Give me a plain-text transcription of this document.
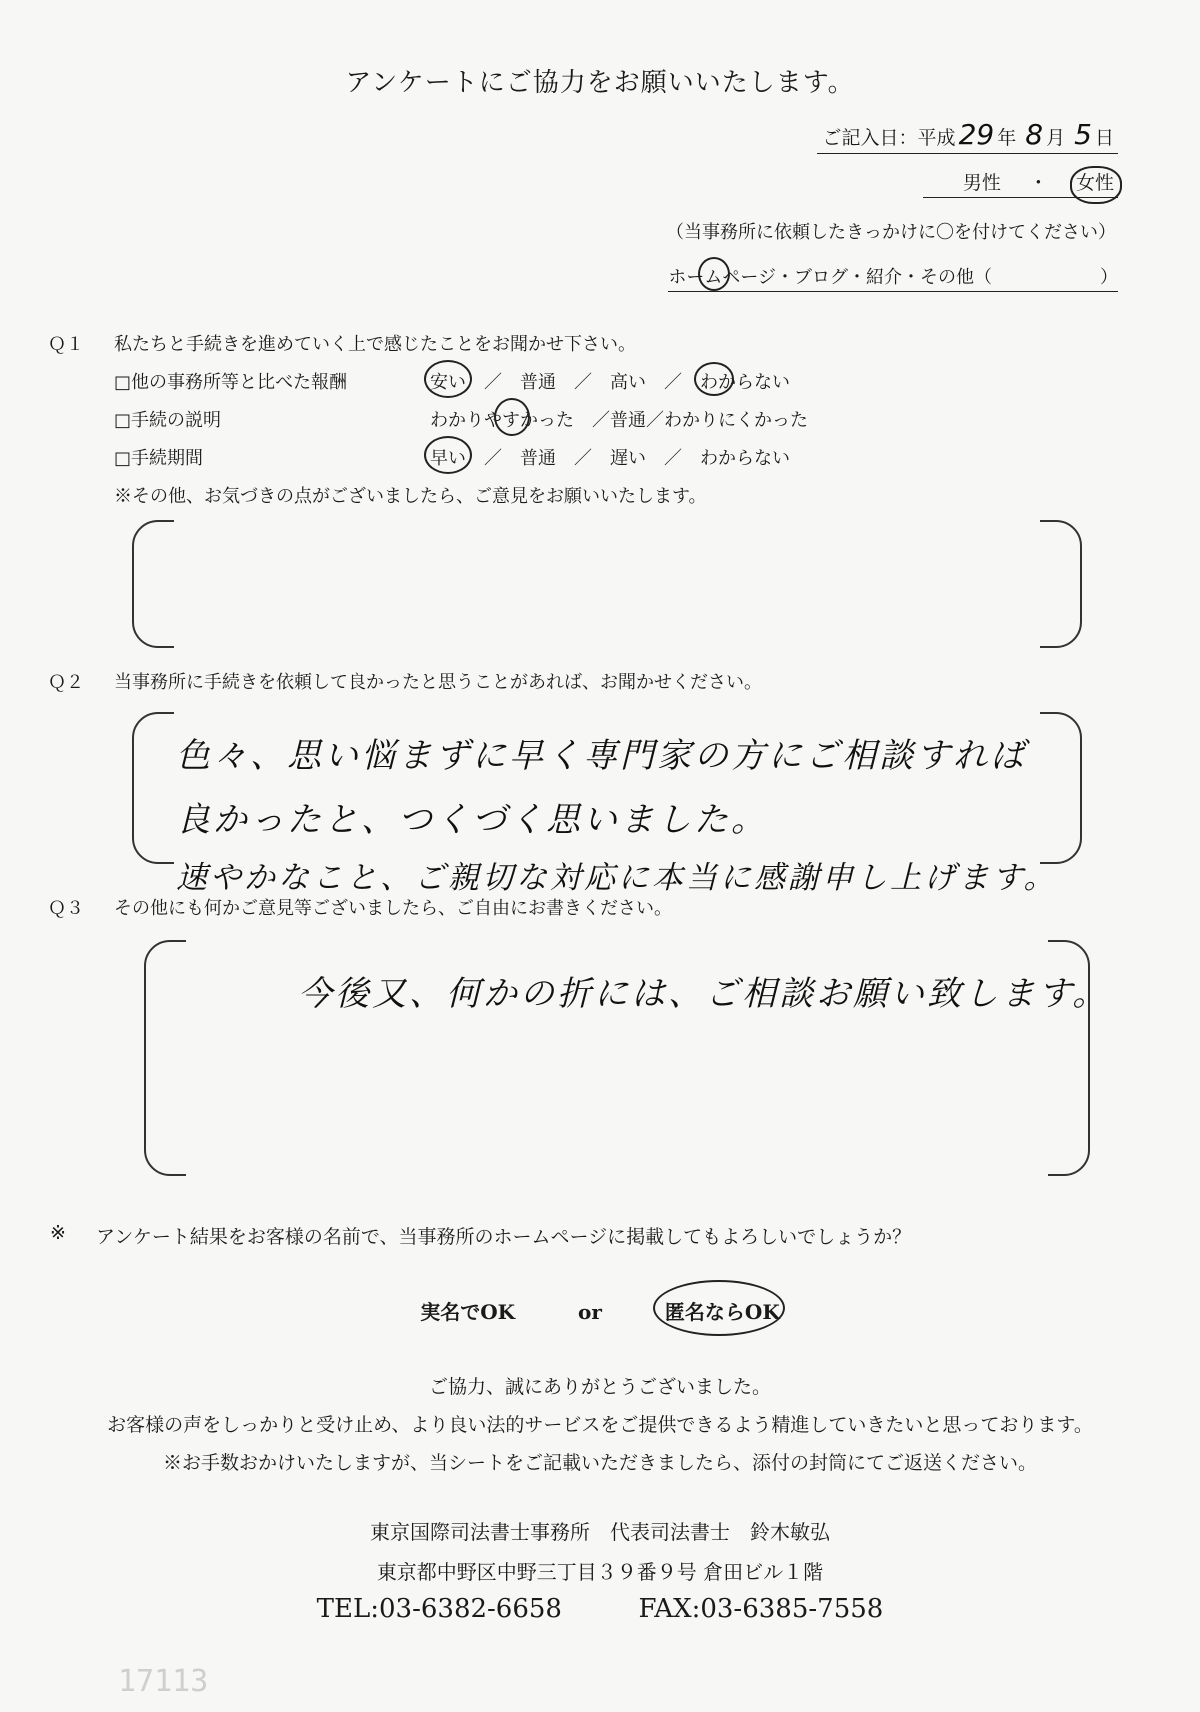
アンケートにご協力をお願いいたします。
ご記入日：平成 29 年 8 月 5 日
男性 ・ 女性
（当事務所に依頼したきっかけに〇を付けてください）
ホームページ・ブログ・紹介・その他（　　　　　　）
Ｑ１ 私たちと手続きを進めていく上で感じたことをお聞かせ下さい。
□他の事務所等と比べた報酬	安い　／　普通　／　高い　／　わからない
□手続の説明	わかりやすかった　／普通／わかりにくかった
□手続期間	早い　／　普通　／　遅い　／　わからない
※その他、お気づきの点がございましたら、ご意見をお願いいたします。
Ｑ２ 当事務所に手続きを依頼して良かったと思うことがあれば、お聞かせください。
色々、思い悩まずに早く専門家の方にご相談すれば
良かったと、つくづく思いました。
速やかなこと、ご親切な対応に本当に感謝申し上げます。
Ｑ３ その他にも何かご意見等ございましたら、ご自由にお書きください。
今後又、何かの折には、ご相談お願い致します。
※ アンケート結果をお客様の名前で、当事務所のホームページに掲載してもよろしいでしょうか？
実名でOK	or	匿名ならOK
ご協力、誠にありがとうございました。
お客様の声をしっかりと受け止め、より良い法的サービスをご提供できるよう精進していきたいと思っております。
※お手数おかけいたしますが、当シートをご記載いただきましたら、添付の封筒にてご返送ください。
東京国際司法書士事務所　代表司法書士　鈴木敏弘
東京都中野区中野三丁目３９番９号 倉田ビル１階
TEL:03-6382-6658	FAX:03-6385-7558
17113
